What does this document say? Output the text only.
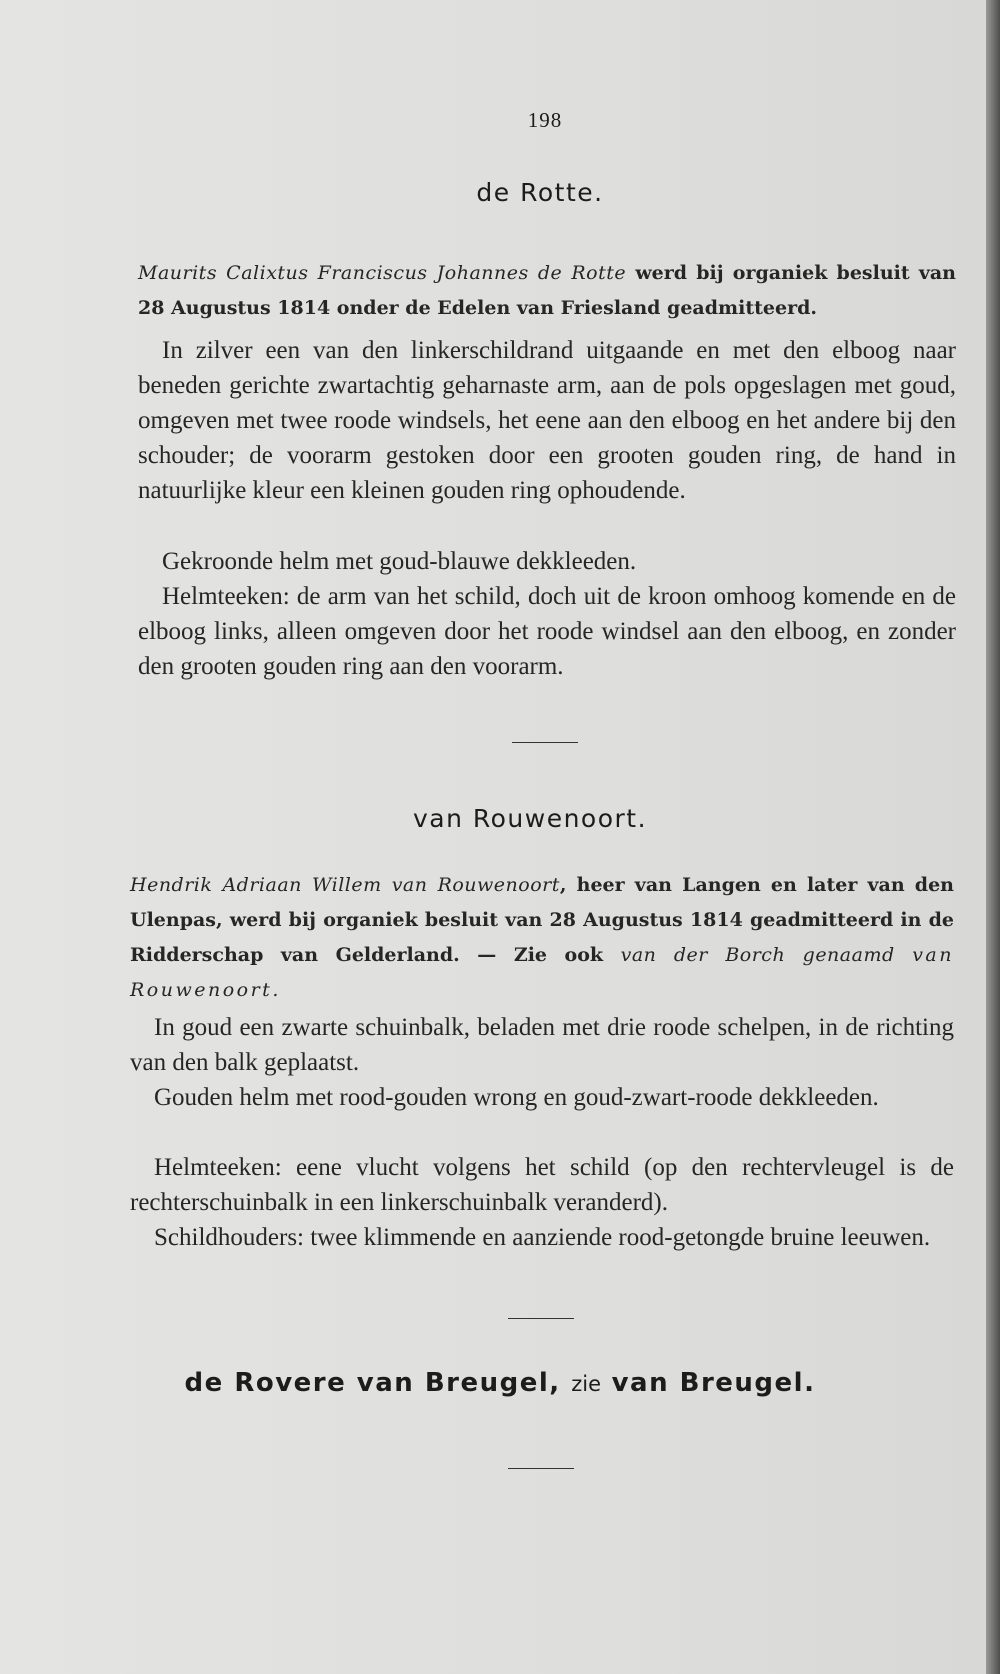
198
de Rotte.

Maurits Calixtus Franciscus Johannes de Rotte werd bij organiek besluit van 28 Augustus 1814 onder de Edelen van Friesland geadmitteerd.

In zilver een van den linkerschildrand uitgaande en met den elboog naar beneden gerichte zwartachtig geharnaste arm, aan de pols opgeslagen met goud, omgeven met twee roode windsels, het eene aan den elboog en het andere bij den schouder; de voorarm gestoken door een grooten gouden ring, de hand in natuurlijke kleur een kleinen gouden ring ophoudende.

Gekroonde helm met goud-blauwe dekkleeden.

Helmteeken: de arm van het schild, doch uit de kroon omhoog komende en de elboog links, alleen omgeven door het roode windsel aan den elboog, en zonder den grooten gouden ring aan den voorarm.

van Rouwenoort.

Hendrik Adriaan Willem van Rouwenoort, heer van Langen en later van den Ulenpas, werd bij organiek besluit van 28 Augustus 1814 geadmitteerd in de Ridderschap van Gelderland. — Zie ook van der Borch genaamd van Rouwenoort.

In goud een zwarte schuinbalk, beladen met drie roode schelpen, in de richting van den balk geplaatst.

Gouden helm met rood-gouden wrong en goud-zwart-roode dekkleeden.

Helmteeken: eene vlucht volgens het schild (op den rechtervleugel is de rechterschuinbalk in een linkerschuinbalk veranderd).

Schildhouders: twee klimmende en aanziende rood-getongde bruine leeuwen.

de Rovere van Breugel, zie van Breugel.
